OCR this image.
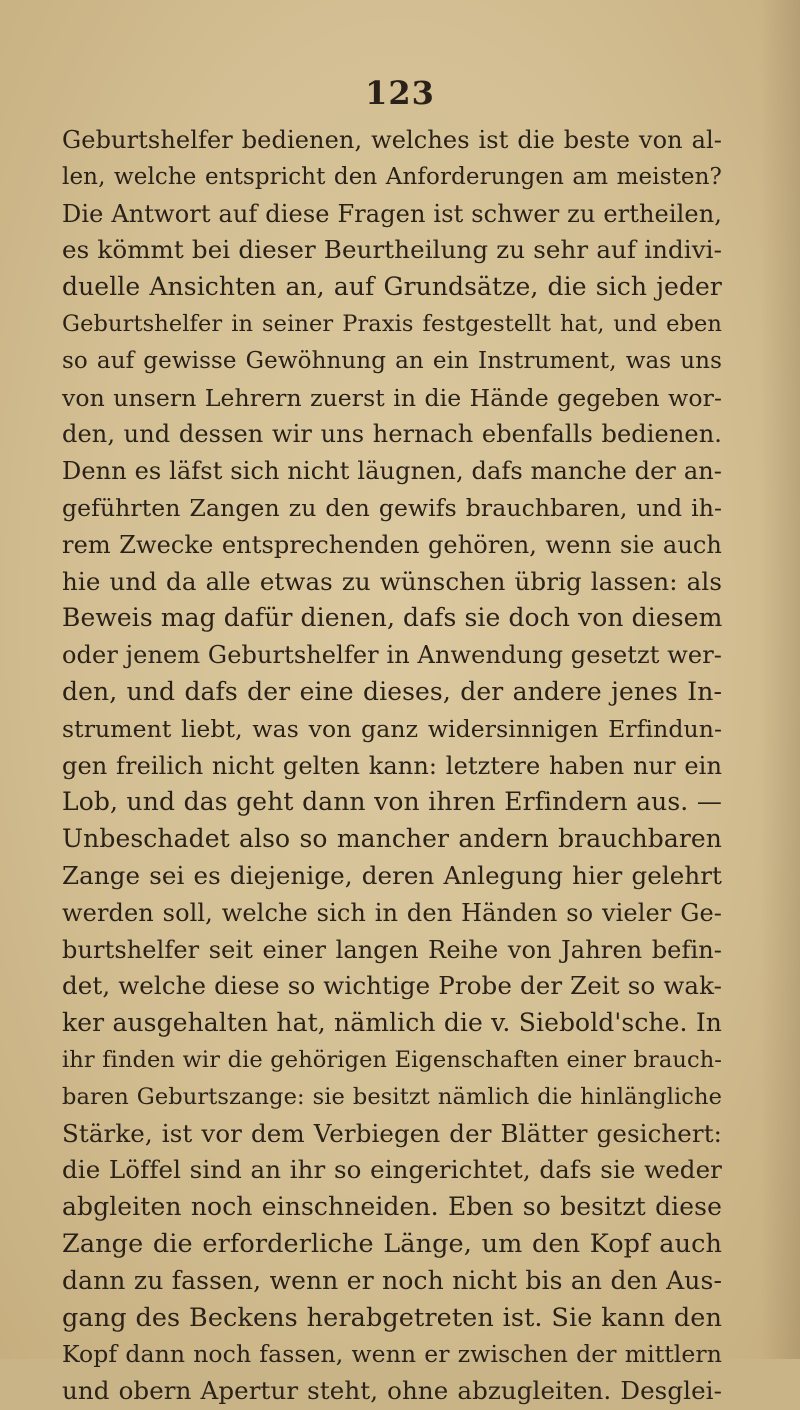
123
Geburtshelfer bedienen, welches ist die beste von al-
len, welche entspricht den Anforderungen am meisten?
Die Antwort auf diese Fragen ist schwer zu ertheilen,
es kömmt bei dieser Beurtheilung zu sehr auf indivi-
duelle Ansichten an, auf Grundsätze, die sich jeder
Geburtshelfer in seiner Praxis festgestellt hat, und eben
so auf gewisse Gewöhnung an ein Instrument, was uns
von unsern Lehrern zuerst in die Hände gegeben wor-
den, und dessen wir uns hernach ebenfalls bedienen.
Denn es läfst sich nicht läugnen, dafs manche der an-
geführten Zangen zu den gewifs brauchbaren, und ih-
rem Zwecke entsprechenden gehören, wenn sie auch
hie und da alle etwas zu wünschen übrig lassen: als
Beweis mag dafür dienen, dafs sie doch von diesem
oder jenem Geburtshelfer in Anwendung gesetzt wer-
den, und dafs der eine dieses, der andere jenes In-
strument liebt, was von ganz widersinnigen Erfindun-
gen freilich nicht gelten kann: letztere haben nur ein
Lob, und das geht dann von ihren Erfindern aus. —
Unbeschadet also so mancher andern brauchbaren
Zange sei es diejenige, deren Anlegung hier gelehrt
werden soll, welche sich in den Händen so vieler Ge-
burtshelfer seit einer langen Reihe von Jahren befin-
det, welche diese so wichtige Probe der Zeit so wak-
ker ausgehalten hat, nämlich die v. Siebold'sche. In
ihr finden wir die gehörigen Eigenschaften einer brauch-
baren Geburtszange: sie besitzt nämlich die hinlängliche
Stärke, ist vor dem Verbiegen der Blätter gesichert:
die Löffel sind an ihr so eingerichtet, dafs sie weder
abgleiten noch einschneiden. Eben so besitzt diese
Zange die erforderliche Länge, um den Kopf auch
dann zu fassen, wenn er noch nicht bis an den Aus-
gang des Beckens herabgetreten ist. Sie kann den
Kopf dann noch fassen, wenn er zwischen der mittlern
und obern Apertur steht, ohne abzugleiten. Desglei-
